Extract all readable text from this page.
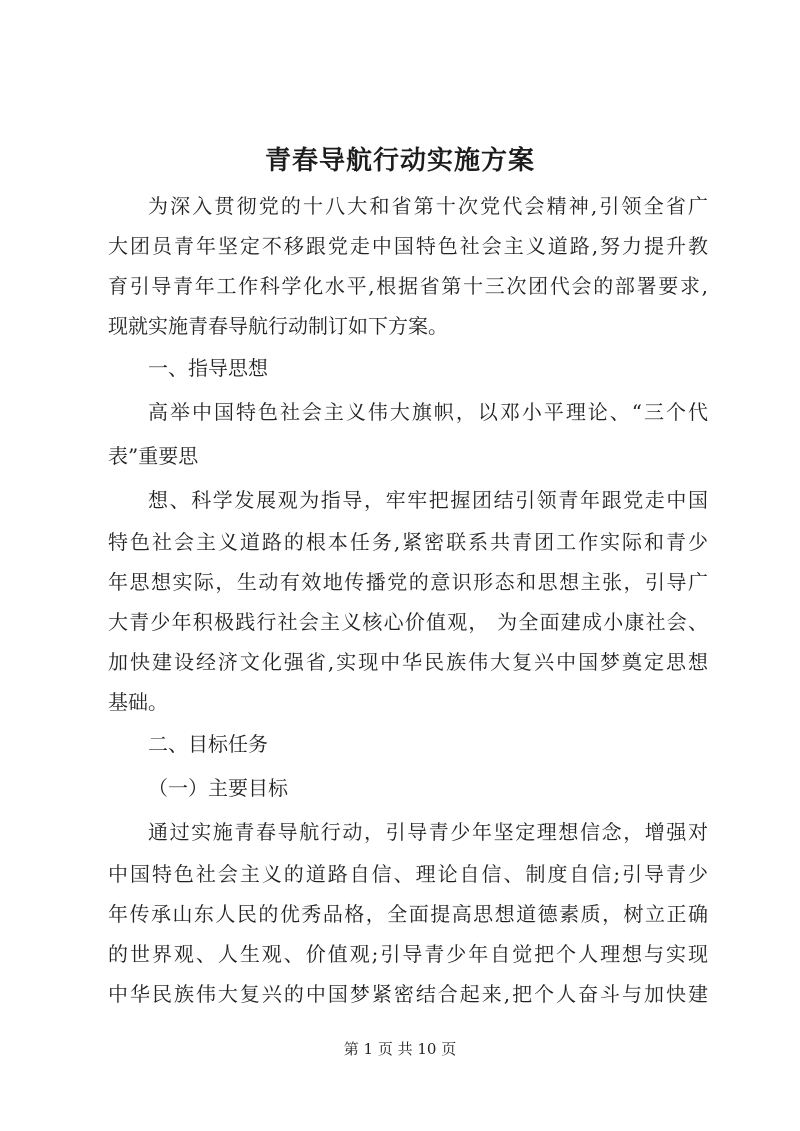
青春导航行动实施方案
为深入贯彻党的十八大和省第十次党代会精神,引领全省广
大团员青年坚定不移跟党走中国特色社会主义道路,努力提升教
育引导青年工作科学化水平,根据省第十三次团代会的部署要求,
现就实施青春导航行动制订如下方案。
一、指导思想
高举中国特色社会主义伟大旗帜，以邓小平理论、“三个代
表”重要思
想、科学发展观为指导，牢牢把握团结引领青年跟党走中国
特色社会主义道路的根本任务,紧密联系共青团工作实际和青少
年思想实际，生动有效地传播党的意识形态和思想主张，引导广
大青少年积极践行社会主义核心价值观， 为全面建成小康社会、
加快建设经济文化强省,实现中华民族伟大复兴中国梦奠定思想
基础。
二、目标任务
（一）主要目标
通过实施青春导航行动，引导青少年坚定理想信念，增强对
中国特色社会主义的道路自信、理论自信、制度自信;引导青少
年传承山东人民的优秀品格，全面提高思想道德素质，树立正确
的世界观、人生观、价值观;引导青少年自觉把个人理想与实现
中华民族伟大复兴的中国梦紧密结合起来,把个人奋斗与加快建
第 1 页 共 10 页
